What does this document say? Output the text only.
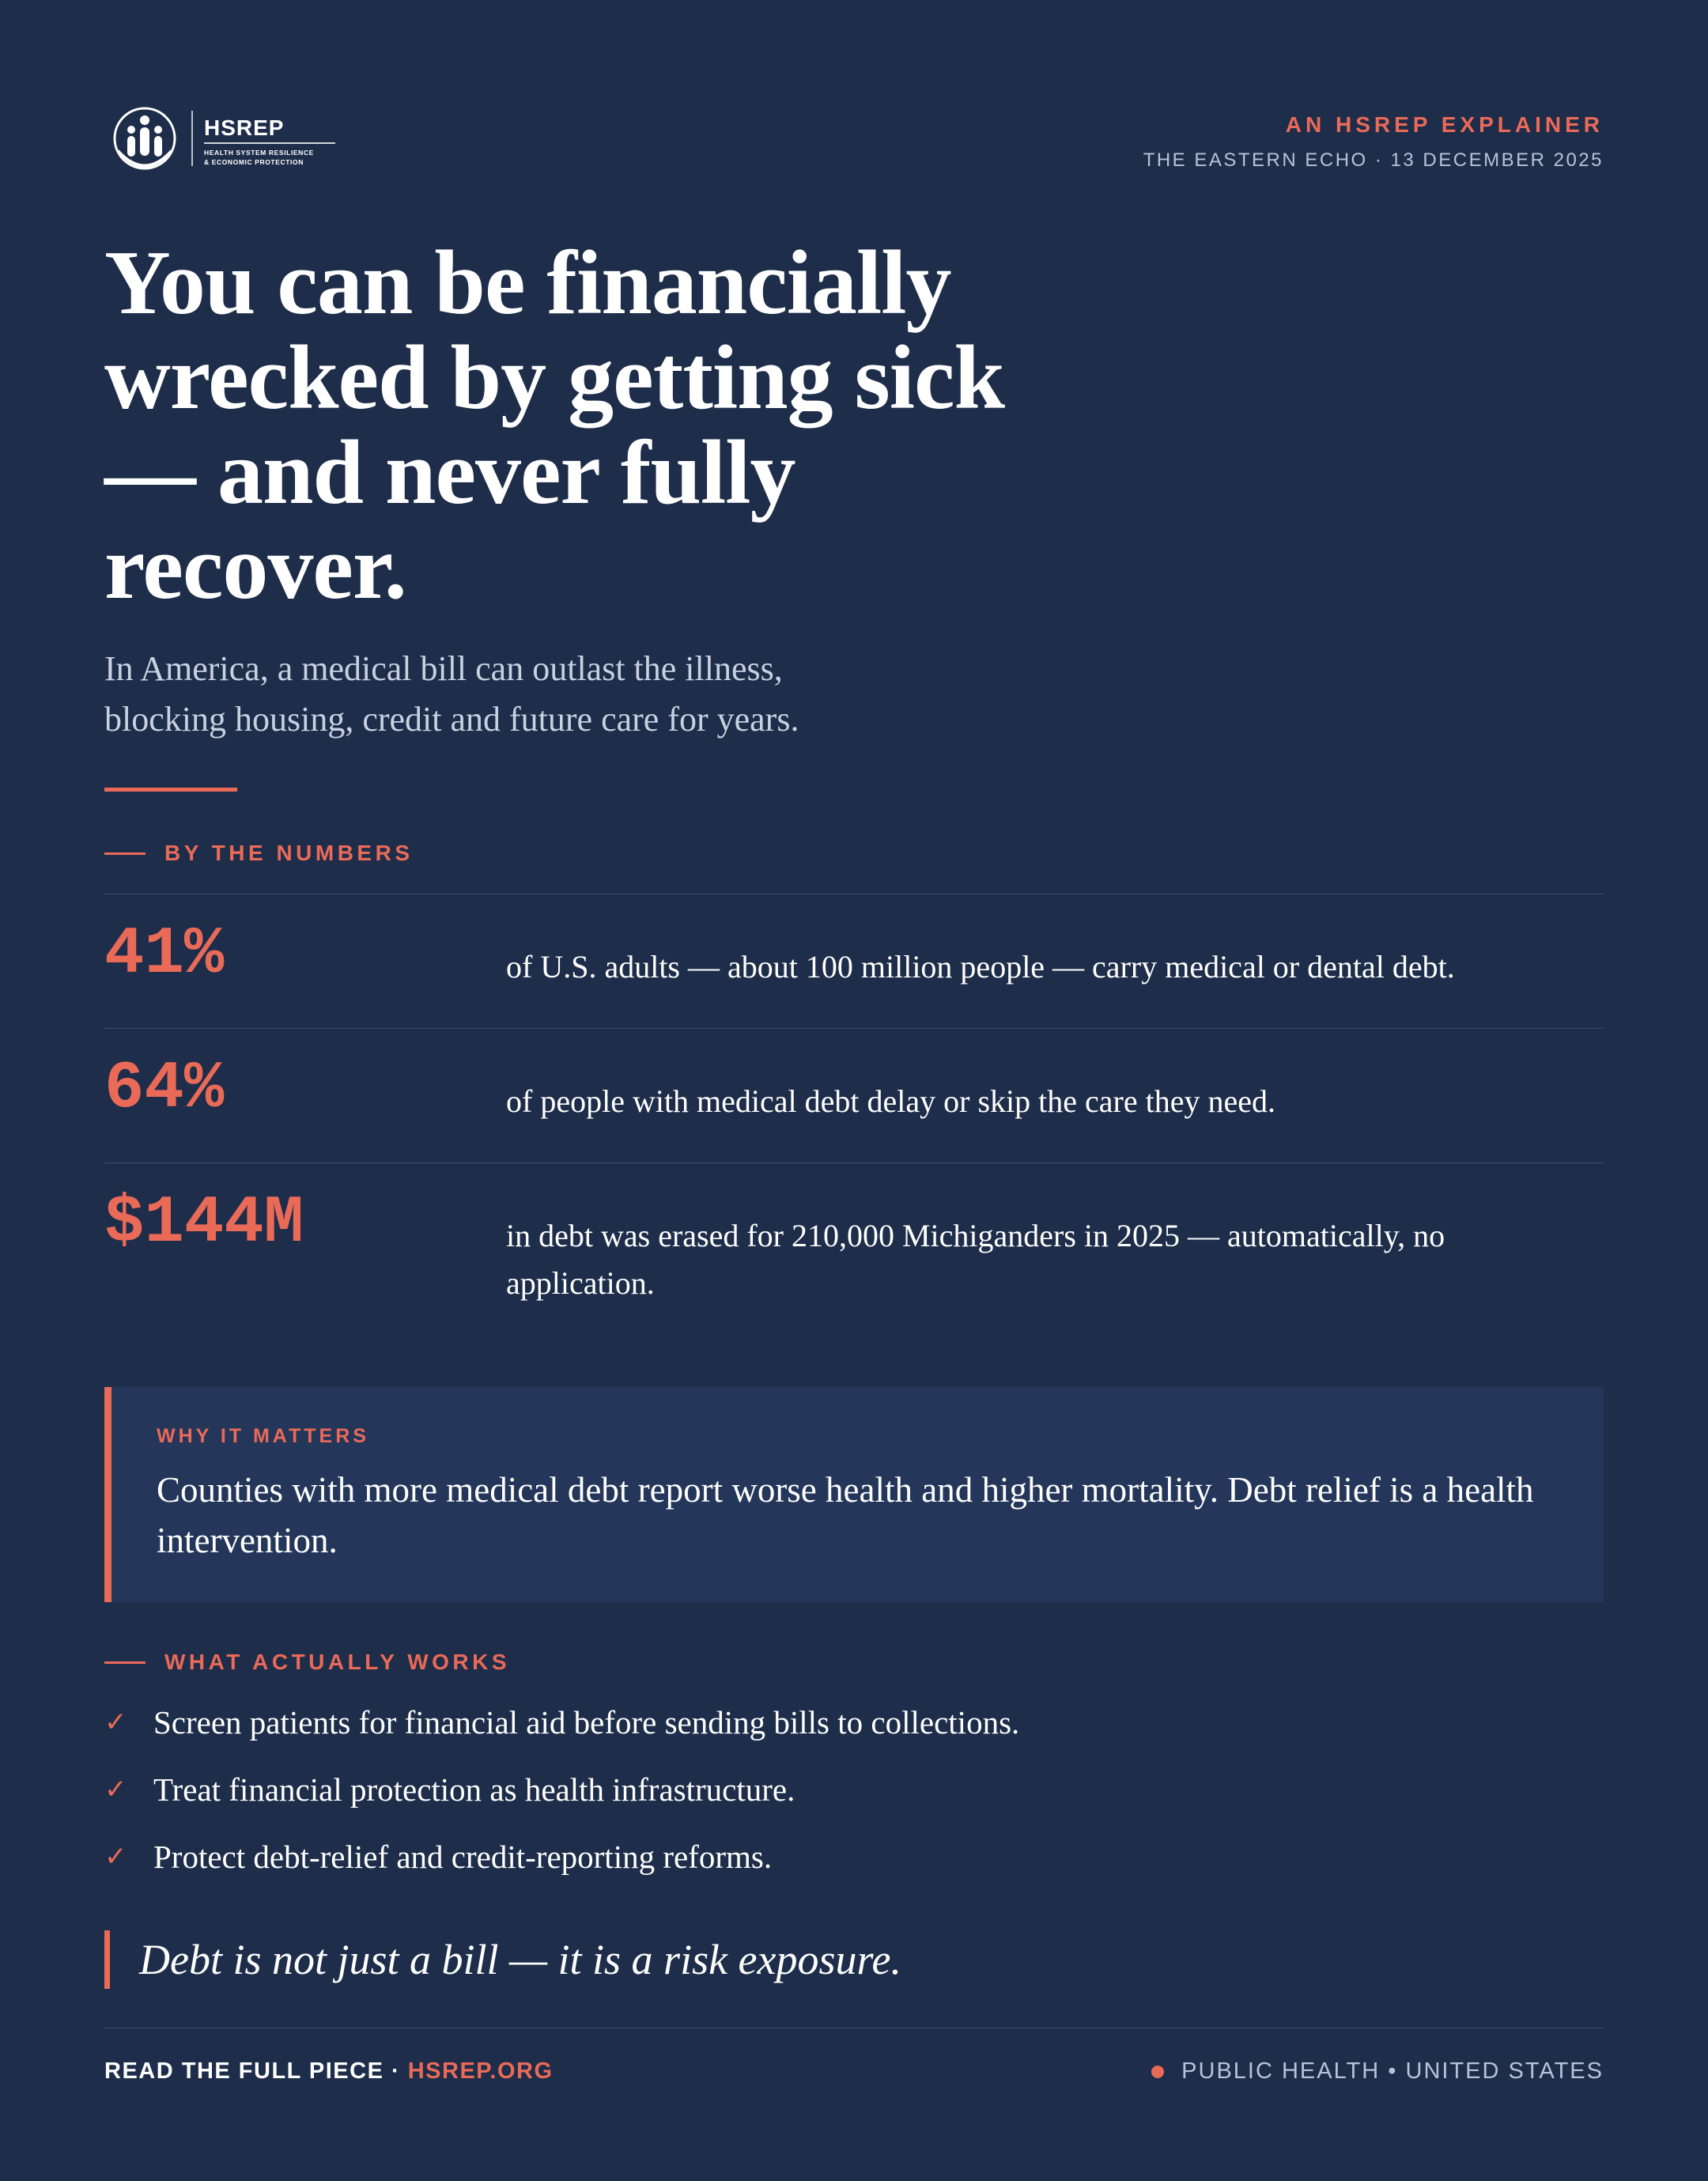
HSREP
HEALTH SYSTEM RESILIENCE
& ECONOMIC PROTECTION
AN HSREP EXPLAINER
THE EASTERN ECHO · 13 DECEMBER 2025
You can be financially
wrecked by getting sick
— and never fully
recover.
In America, a medical bill can outlast the illness,
blocking housing, credit and future care for years.
BY THE NUMBERS
41%	of U.S. adults — about 100 million people — carry medical or dental debt.
64%	of people with medical debt delay or skip the care they need.
$144M	in debt was erased for 210,000 Michiganders in 2025 — automatically, no application.
WHY IT MATTERS
Counties with more medical debt report worse health and higher mortality. Debt relief is a health intervention.
WHAT ACTUALLY WORKS
✓ Screen patients for financial aid before sending bills to collections.
✓ Treat financial protection as health infrastructure.
✓ Protect debt-relief and credit-reporting reforms.
Debt is not just a bill — it is a risk exposure.
READ THE FULL PIECE · HSREP.ORG	PUBLIC HEALTH • UNITED STATES
